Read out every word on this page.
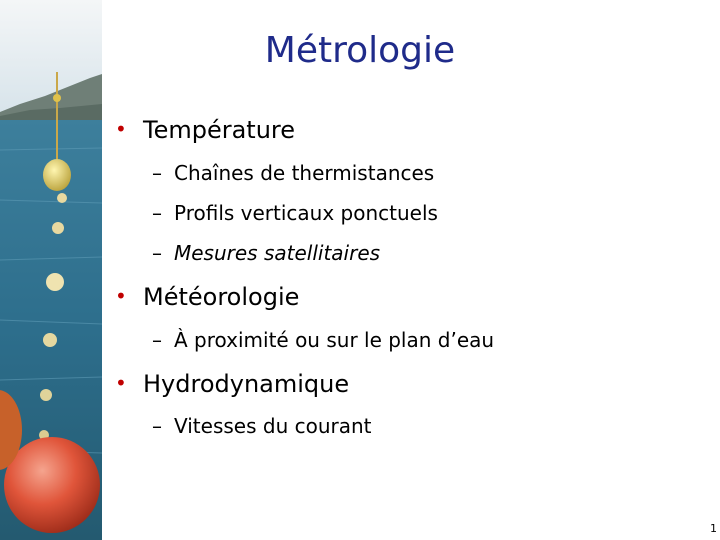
Métrologie
• Température
– Chaînes de thermistances
– Profils verticaux ponctuels
– Mesures satellitaires
• Météorologie
– À proximité ou sur le plan d’eau
• Hydrodynamique
– Vitesses du courant
1
